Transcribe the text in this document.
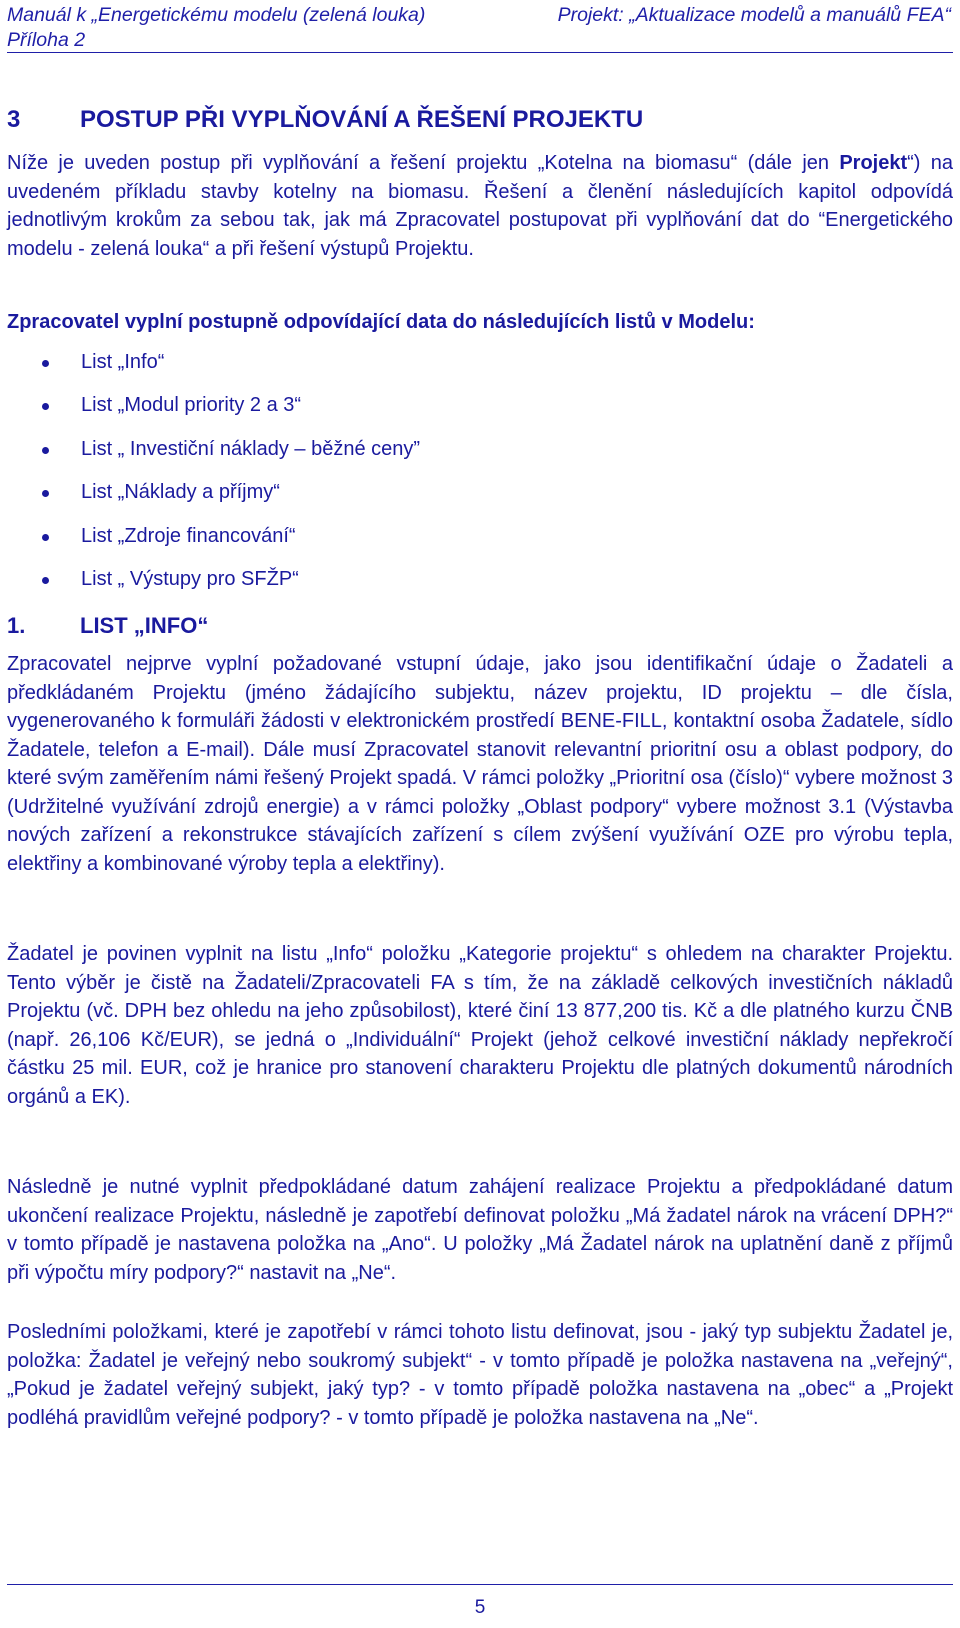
Manuál k „Energetickému modelu (zelená louka)
Příloha 2
Projekt: „Aktualizace modelů a manuálů FEA“
3	POSTUP PŘI VYPLŇOVÁNÍ A ŘEŠENÍ PROJEKTU
Níže je uveden postup při vyplňování a řešení projektu „Kotelna na biomasu“ (dále jen Projekt“) na uvedeném příkladu stavby kotelny na biomasu. Řešení a členění následujících kapitol odpovídá jednotlivým krokům za sebou tak, jak má Zpracovatel postupovat při vyplňování dat do “Energetického modelu - zelená louka“ a při řešení výstupů Projektu.
Zpracovatel vyplní postupně odpovídající data do následujících listů v Modelu:
List „Info“
List „Modul priority 2 a 3“
List „ Investiční náklady – běžné ceny”
List „Náklady a příjmy“
List „Zdroje financování“
List „ Výstupy pro SFŽP“
1.	LIST „INFO“
Zpracovatel nejprve vyplní požadované vstupní údaje, jako jsou identifikační údaje o Žadateli a předkládaném Projektu (jméno žádajícího subjektu, název projektu, ID projektu – dle čísla, vygenerovaného k formuláři žádosti v elektronickém prostředí BENE-FILL, kontaktní osoba Žadatele, sídlo Žadatele, telefon a E-mail). Dále musí Zpracovatel stanovit relevantní prioritní osu a oblast podpory, do které svým zaměřením námi řešený Projekt spadá. V rámci položky „Prioritní osa (číslo)“ vybere možnost 3 (Udržitelné využívání zdrojů energie) a v rámci položky „Oblast podpory“ vybere možnost 3.1 (Výstavba nových zařízení a rekonstrukce stávajících zařízení s cílem zvýšení využívání OZE pro výrobu tepla, elektřiny a kombinované výroby tepla a elektřiny).
Žadatel je povinen vyplnit na listu „Info“ položku „Kategorie projektu“ s ohledem na charakter Projektu. Tento výběr je čistě na Žadateli/Zpracovateli FA s tím, že na základě celkových investičních nákladů Projektu (vč. DPH bez ohledu na jeho způsobilost), které činí 13 877,200 tis. Kč a dle platného kurzu ČNB (např. 26,106 Kč/EUR), se jedná o „Individuální“ Projekt (jehož celkové investiční náklady nepřekročí částku 25 mil. EUR, což je hranice pro stanovení charakteru Projektu dle platných dokumentů národních orgánů a EK).
Následně je nutné vyplnit předpokládané datum zahájení realizace Projektu a předpokládané datum ukončení realizace Projektu, následně je zapotřebí definovat položku „Má žadatel nárok na vrácení DPH?“ v tomto případě je nastavena položka na „Ano“. U položky „Má Žadatel nárok na uplatnění daně z příjmů při výpočtu míry podpory?“ nastavit na „Ne“.
Posledními položkami, které je zapotřebí v rámci tohoto listu definovat, jsou - jaký typ subjektu Žadatel je, položka: Žadatel je veřejný nebo soukromý subjekt“ - v tomto případě je položka nastavena na „veřejný“, „Pokud je žadatel veřejný subjekt, jaký typ? - v tomto případě položka nastavena na „obec“ a „Projekt podléhá pravidlům veřejné podpory? - v tomto případě je položka nastavena na „Ne“.
5
